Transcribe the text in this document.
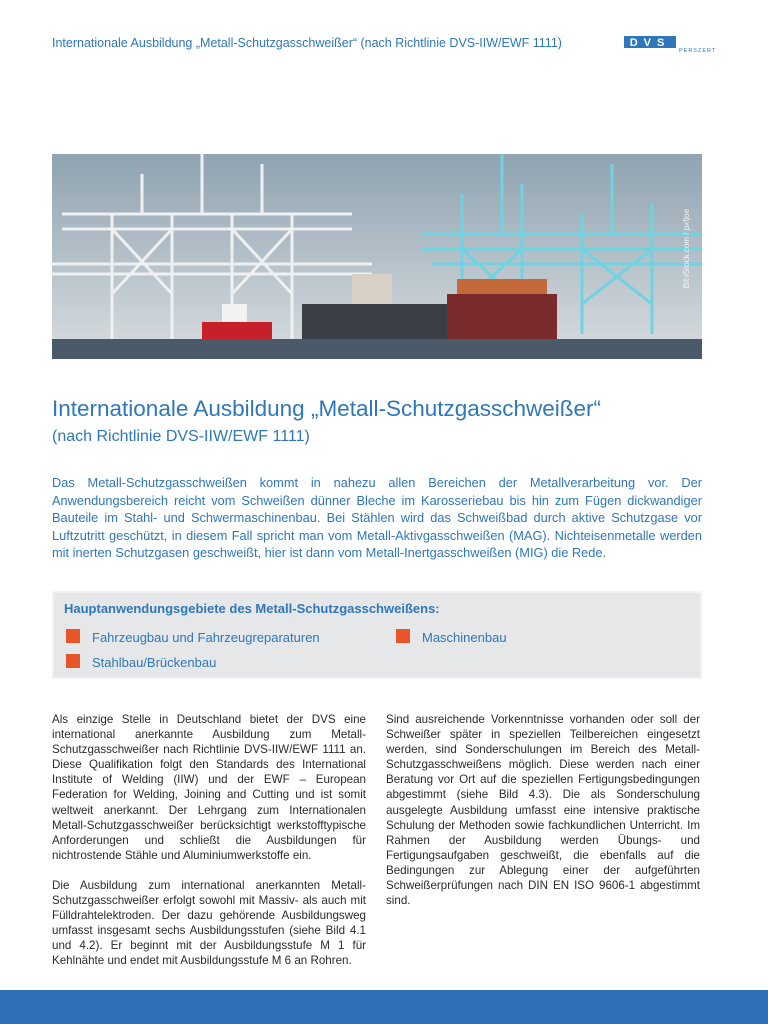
Internationale Ausbildung „Metall-Schutzgasschweißer“ (nach Richtlinie DVS-IIW/EWF 1111)	DVS
PERSZERT
Bit-iStock.com / pxfjoe
Internationale Ausbildung „Metall-Schutzgasschweißer“
(nach Richtlinie DVS-IIW/EWF 1111)
Das Metall-Schutzgasschweißen kommt in nahezu allen Bereichen der Metallverarbeitung vor. Der Anwendungsbereich reicht vom Schweißen dünner Bleche im Karosseriebau bis hin zum Fügen dickwandiger Bauteile im Stahl- und Schwermaschinenbau. Bei Stählen wird das Schweißbad durch aktive Schutzgase vor Luftzutritt geschützt, in diesem Fall spricht man vom Metall-Aktivgasschweißen (MAG). Nichteisenmetalle werden mit inerten Schutzgasen geschweißt, hier ist dann vom Metall-Inertgasschweißen (MIG) die Rede.
Hauptanwendungsgebiete des Metall-Schutzgasschweißens:
Fahrzeugbau und Fahrzeugreparaturen	Maschinenbau
Stahlbau/Brückenbau

Als einzige Stelle in Deutschland bietet der DVS eine international anerkannte Ausbildung zum Metall-Schutzgasschweißer nach Richtlinie DVS-IIW/EWF 1111 an. Diese Qualifikation folgt den Standards des International Institute of Welding (IIW) und der EWF – European Federation for Welding, Joining and Cutting und ist somit weltweit anerkannt. Der Lehrgang zum Internationalen Metall-Schutzgasschweißer berücksichtigt werkstofftypische Anforderungen und schließt die Ausbildungen für nichtrostende Stähle und Aluminiumwerkstoffe ein.

Die Ausbildung zum international anerkannten Metall-Schutzgasschweißer erfolgt sowohl mit Massiv- als auch mit Fülldrahtelektroden. Der dazu gehörende Ausbildungsweg umfasst insgesamt sechs Ausbildungsstufen (siehe Bild 4.1 und 4.2). Er beginnt mit der Ausbildungsstufe M 1 für Kehlnähte und endet mit Ausbildungsstufe M 6 an Rohren.

Sind ausreichende Vorkenntnisse vorhanden oder soll der Schweißer später in speziellen Teilbereichen eingesetzt werden, sind Sonderschulungen im Bereich des Metall-Schutzgasschweißens möglich. Diese werden nach einer Beratung vor Ort auf die speziellen Fertigungsbedingungen abgestimmt (siehe Bild 4.3). Die als Sonderschulung ausgelegte Ausbildung umfasst eine intensive praktische Schulung der Methoden sowie fachkundlichen Unterricht. Im Rahmen der Ausbildung werden Übungs- und Fertigungsaufgaben geschweißt, die ebenfalls auf die Bedingungen zur Ablegung einer der aufgeführten Schweißerprüfungen nach DIN EN ISO 9606-1 abgestimmt sind.
